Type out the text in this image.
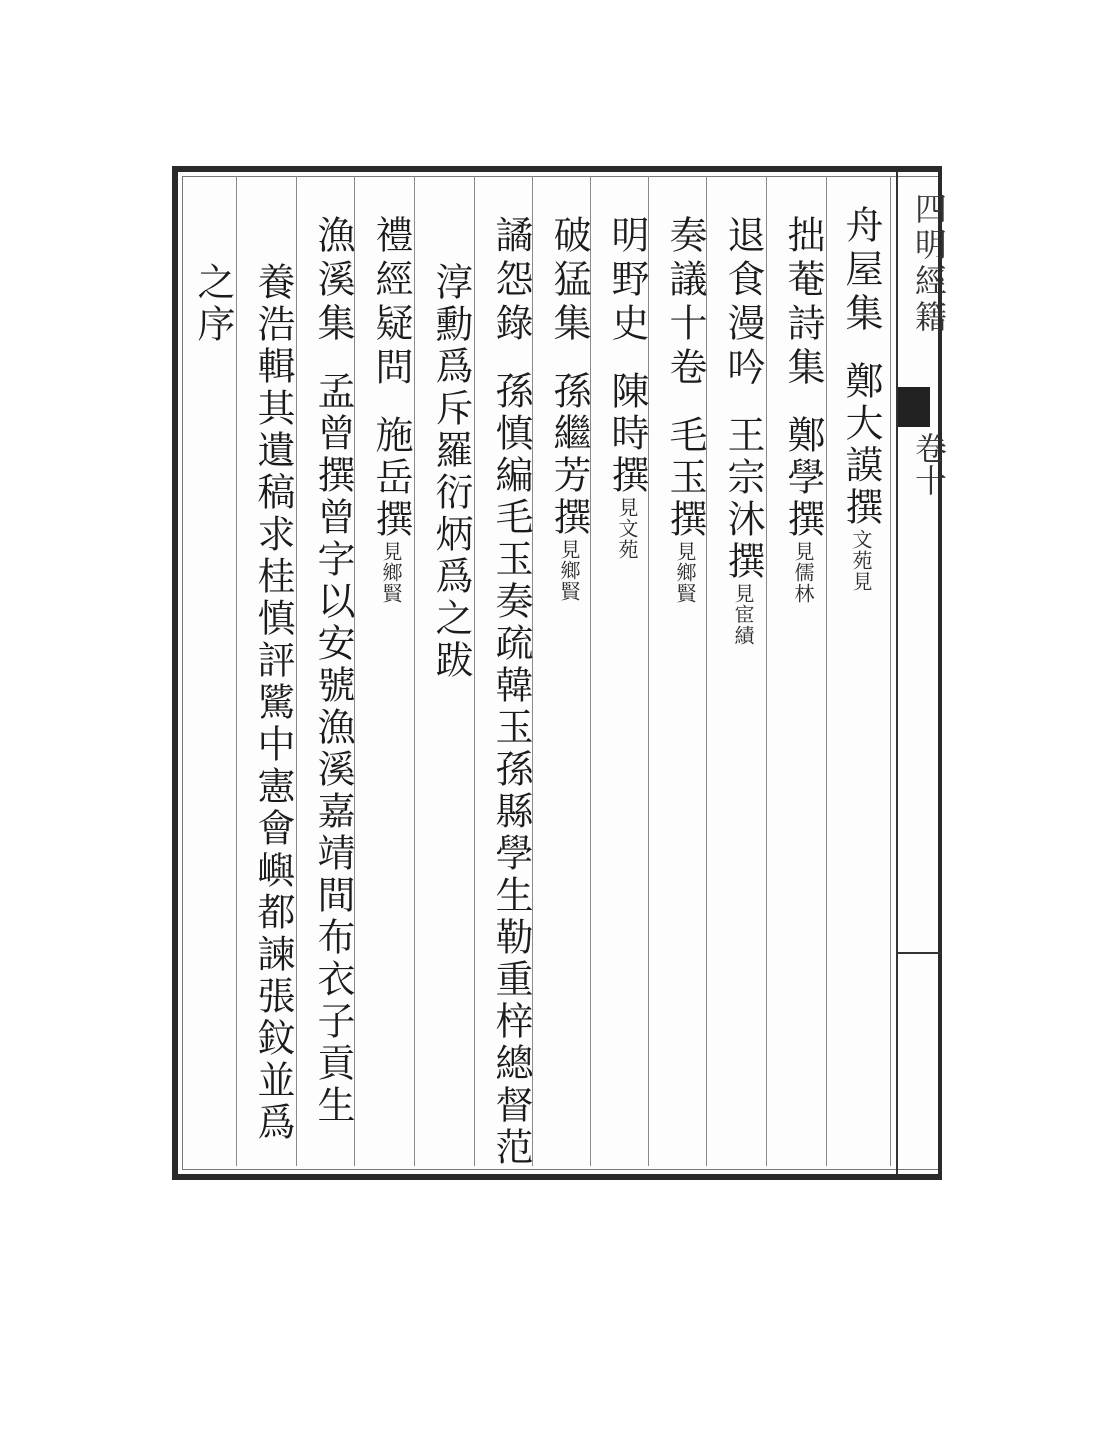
四明經籍
卷十
舟屋集鄭大謨撰文苑見
拙菴詩集鄭學撰見儒林
退食漫吟王宗沐撰見宦績
奏議十卷毛玉撰見鄉賢
明野史陳時撰見文苑
破猛集孫繼芳撰見鄉賢
譎怨錄孫慎編毛玉奏疏韓玉孫縣學生勒重梓總督范
淳勳爲斥羅衍炳爲之跋
禮經疑問施岳撰見鄉賢
漁溪集孟曾撰曾字以安號漁溪嘉靖間布衣子貢生
養浩輯其遺稿求桂慎評騭中憲會嶼都諫張鈫並爲
之序
